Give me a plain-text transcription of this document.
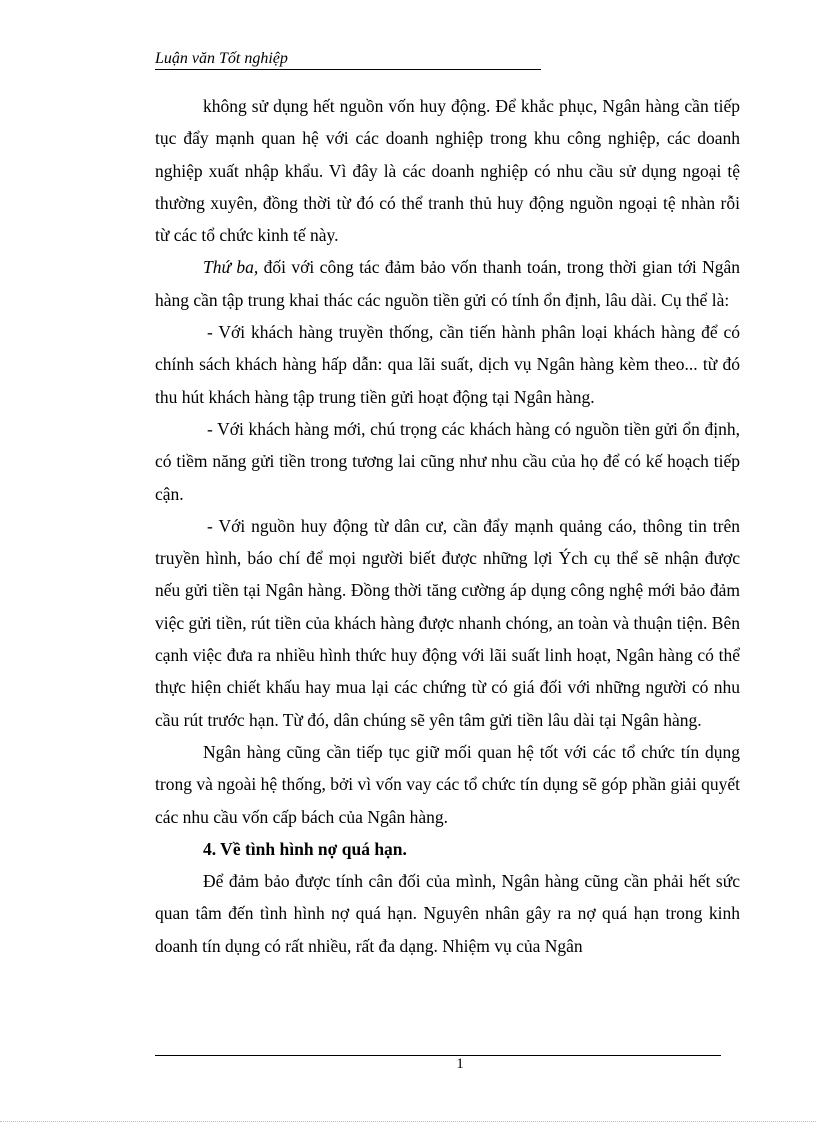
Luận văn Tốt nghiệp

không sử dụng hết nguồn vốn huy động. Để khắc phục, Ngân hàng cần tiếp tục đẩy mạnh quan hệ với các doanh nghiệp trong khu công nghiệp, các doanh nghiệp xuất nhập khẩu. Vì đây là các doanh nghiệp có nhu cầu sử dụng ngoại tệ thường xuyên, đồng thời từ đó có thể tranh thủ huy động nguồn ngoại tệ nhàn rỗi từ các tổ chức kinh tế này.

Thứ ba, đối với công tác đảm bảo vốn thanh toán, trong thời gian tới Ngân hàng cần tập trung khai thác các nguồn tiền gửi có tính ổn định, lâu dài. Cụ thể là:

- Với khách hàng truyền thống, cần tiến hành phân loại khách hàng để có chính sách khách hàng hấp dẫn: qua lãi suất, dịch vụ Ngân hàng kèm theo... từ đó thu hút khách hàng tập trung tiền gửi hoạt động tại Ngân hàng.

- Với khách hàng mới, chú trọng các khách hàng có nguồn tiền gửi ổn định, có tiềm năng gửi tiền trong tương lai cũng như nhu cầu của họ để có kế hoạch tiếp cận.

- Với nguồn huy động từ dân cư, cần đẩy mạnh quảng cáo, thông tin trên truyền hình, báo chí để mọi người biết được những lợi Ých cụ thể sẽ nhận được nếu gửi tiền tại Ngân hàng. Đồng thời tăng cường áp dụng công nghệ mới bảo đảm việc gửi tiền, rút tiền của khách hàng được nhanh chóng, an toàn và thuận tiện. Bên cạnh việc đưa ra nhiều hình thức huy động với lãi suất linh hoạt, Ngân hàng có thể thực hiện chiết khấu hay mua lại các chứng từ có giá đối với những người có nhu cầu rút trước hạn. Từ đó, dân chúng sẽ yên tâm gửi tiền lâu dài tại Ngân hàng.

Ngân hàng cũng cần tiếp tục giữ mối quan hệ tốt với các tổ chức tín dụng trong và ngoài hệ thống, bởi vì vốn vay các tổ chức tín dụng sẽ góp phần giải quyết các nhu cầu vốn cấp bách của Ngân hàng.

4. Về tình hình nợ quá hạn.

Để đảm bảo được tính cân đối của mình, Ngân hàng cũng cần phải hết sức quan tâm đến tình hình nợ quá hạn. Nguyên nhân gây ra nợ quá hạn trong kinh doanh tín dụng có rất nhiều, rất đa dạng. Nhiệm vụ của Ngân

1
